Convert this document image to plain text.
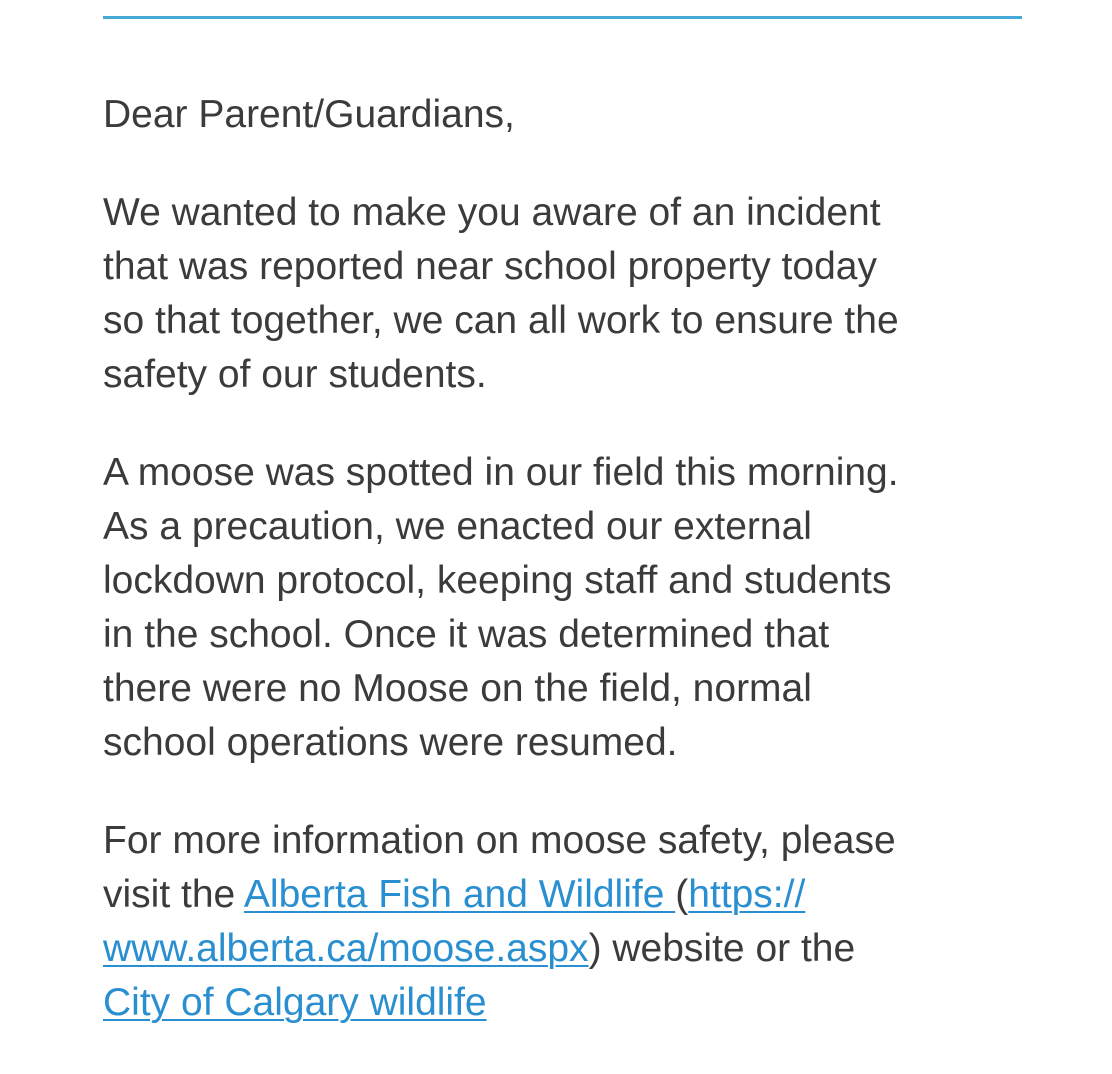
Dear Parent/Guardians,

We wanted to make you aware of an incident
that was reported near school property today
so that together, we can all work to ensure the
safety of our students.

A moose was spotted in our field this morning.
As a precaution, we enacted our external
lockdown protocol, keeping staff and students
in the school. Once it was determined that
there were no Moose on the field, normal
school operations were resumed.

For more information on moose safety, please
visit the Alberta Fish and Wildlife (https://
www.alberta.ca/moose.aspx) website or the
City of Calgary wildlife
